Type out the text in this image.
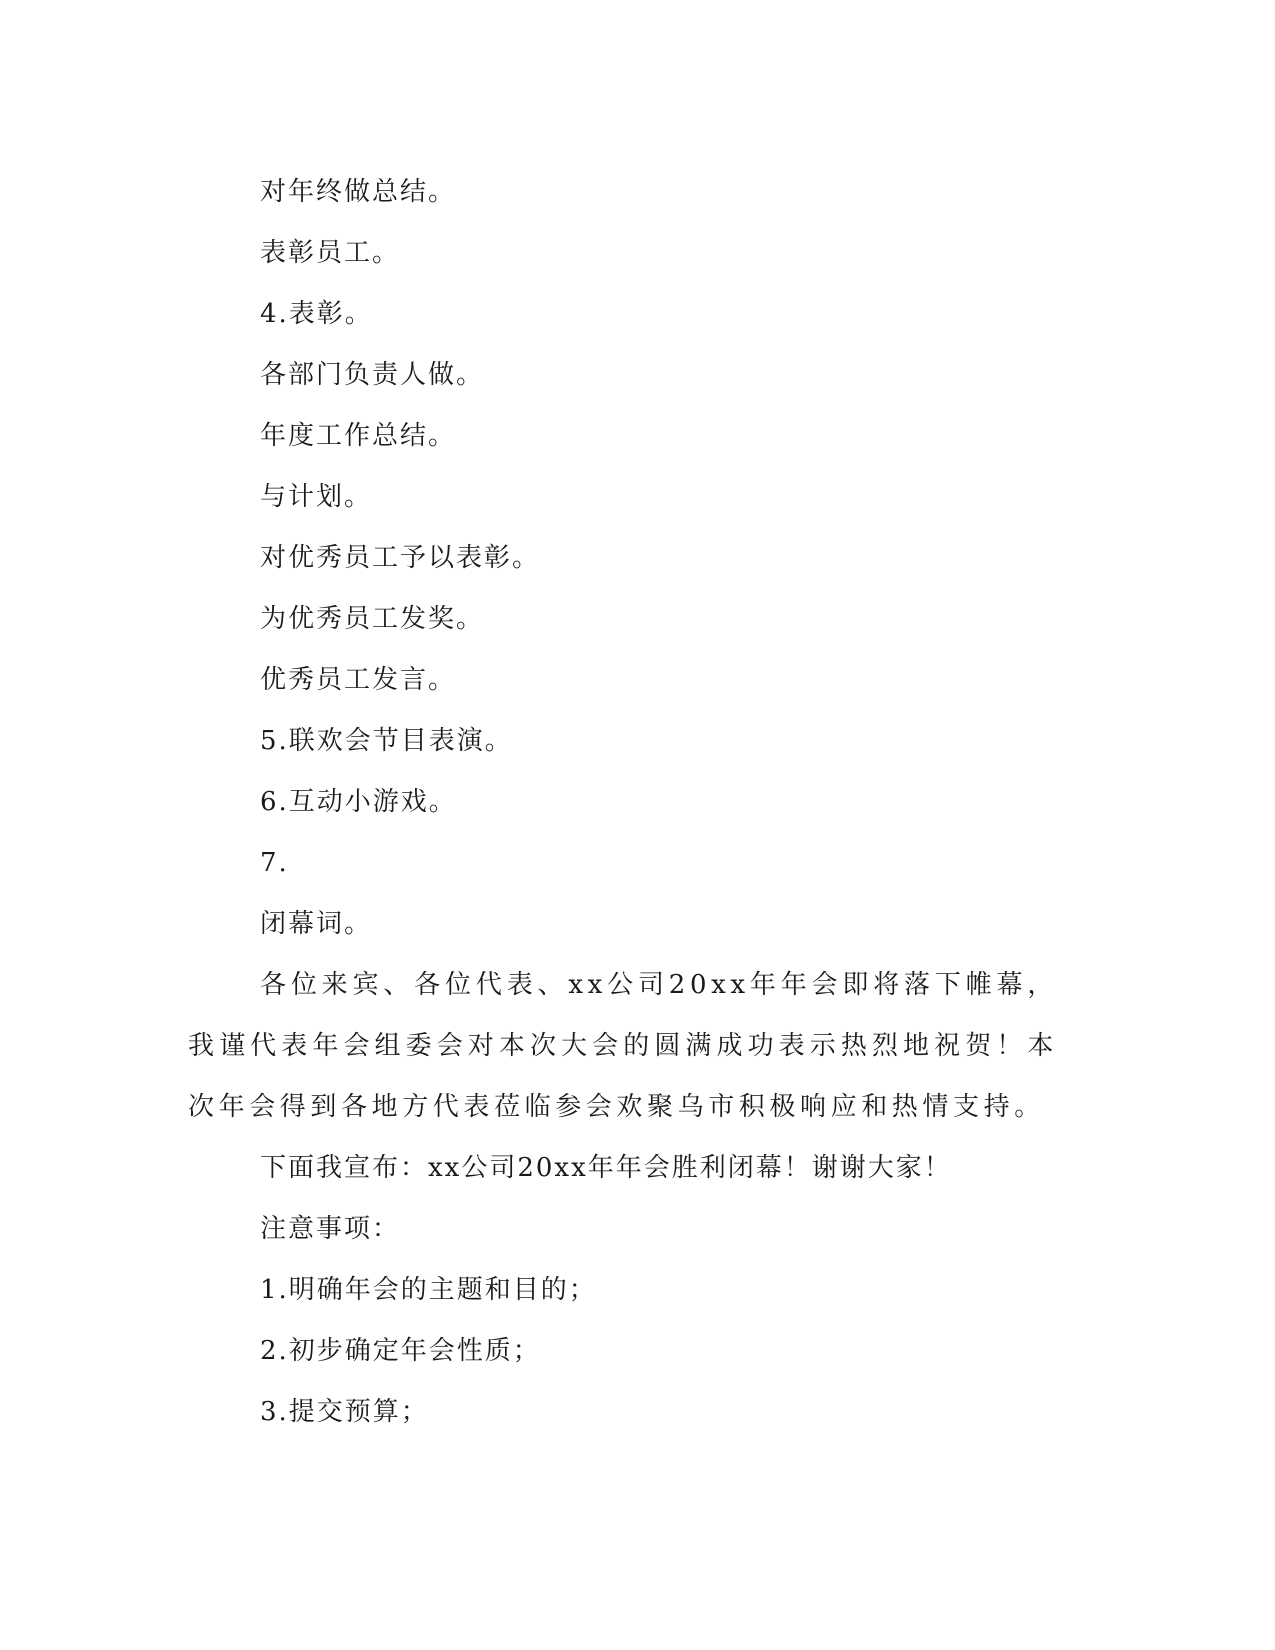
对年终做总结。
表彰员工。
4.表彰。
各部门负责人做。
年度工作总结。
与计划。
对优秀员工予以表彰。
为优秀员工发奖。
优秀员工发言。
5.联欢会节目表演。
6.互动小游戏。
7.
闭幕词。

各位来宾、各位代表、xx公司20xx年年会即将落下帷幕，我谨代表年会组委会对本次大会的圆满成功表示热烈地祝贺！本次年会得到各地方代表莅临参会欢聚乌市积极响应和热情支持。

下面我宣布：xx公司20xx年年会胜利闭幕！谢谢大家！
注意事项：
1.明确年会的主题和目的；
2.初步确定年会性质；
3.提交预算；
